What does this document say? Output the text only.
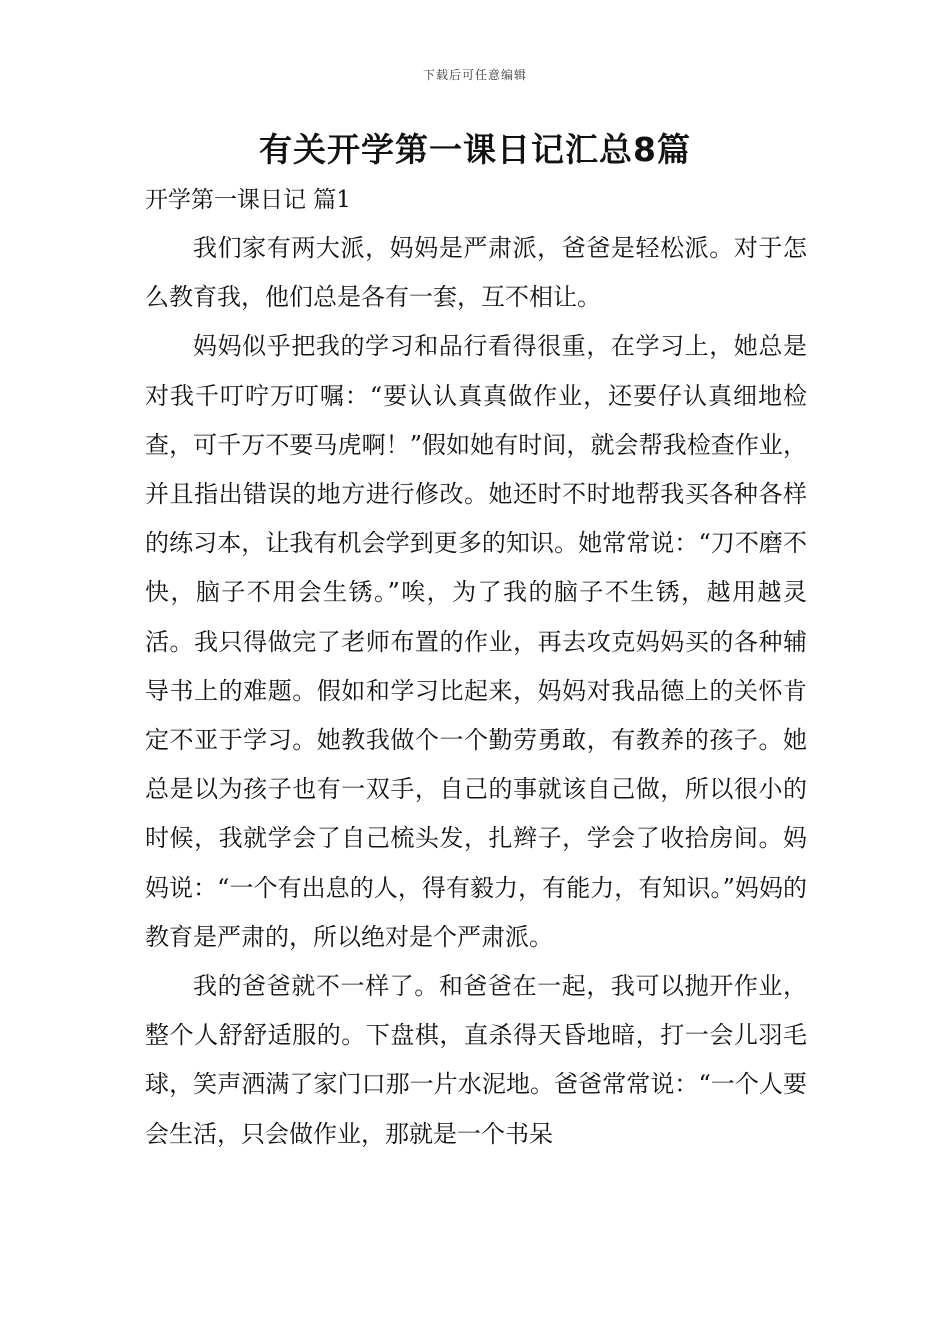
下载后可任意编辑
有关开学第一课日记汇总8篇

开学第一课日记 篇1

我们家有两大派，妈妈是严肃派，爸爸是轻松派。对于怎么教育我，他们总是各有一套，互不相让。

妈妈似乎把我的学习和品行看得很重，在学习上，她总是对我千叮咛万叮嘱：“要认认真真做作业，还要仔认真细地检查，可千万不要马虎啊！”假如她有时间，就会帮我检查作业，并且指出错误的地方进行修改。她还时不时地帮我买各种各样的练习本，让我有机会学到更多的知识。她常常说：“刀不磨不快，脑子不用会生锈。”唉，为了我的脑子不生锈，越用越灵活。我只得做完了老师布置的作业，再去攻克妈妈买的各种辅导书上的难题。假如和学习比起来，妈妈对我品德上的关怀肯定不亚于学习。她教我做个一个勤劳勇敢，有教养的孩子。她总是以为孩子也有一双手，自己的事就该自己做，所以很小的时候，我就学会了自己梳头发，扎辫子，学会了收拾房间。妈妈说：“一个有出息的人，得有毅力，有能力，有知识。”妈妈的教育是严肃的，所以绝对是个严肃派。

我的爸爸就不一样了。和爸爸在一起，我可以抛开作业，整个人舒舒适服的。下盘棋，直杀得天昏地暗，打一会儿羽毛球，笑声洒满了家门口那一片水泥地。爸爸常常说：“一个人要会生活，只会做作业，那就是一个书呆
